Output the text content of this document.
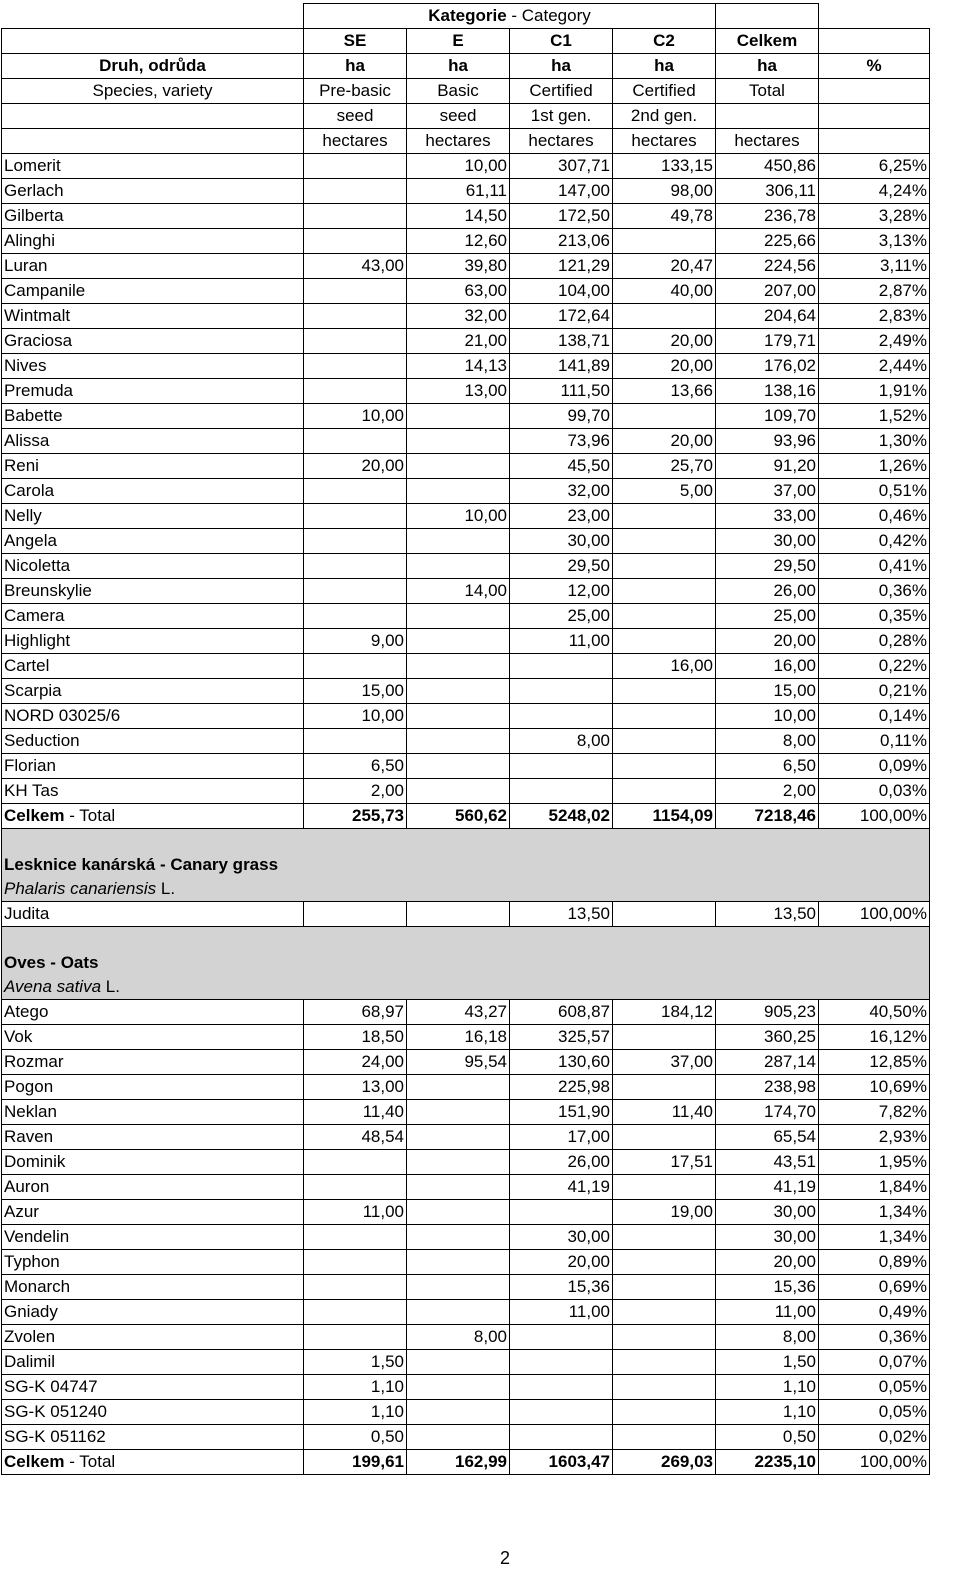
	Kategorie - Category					
	SE	E	C1	C2	Celkem	
Druh, odrůda	ha	ha	ha	ha	ha	%
Species, variety	Pre-basic	Basic	Certified	Certified	Total	
	seed	seed	1st gen.	2nd gen.		
	hectares	hectares	hectares	hectares	hectares	
Lomerit		10,00	307,71	133,15	450,86	6,25%
Gerlach		61,11	147,00	98,00	306,11	4,24%
Gilberta		14,50	172,50	49,78	236,78	3,28%
Alinghi		12,60	213,06		225,66	3,13%
Luran	43,00	39,80	121,29	20,47	224,56	3,11%
Campanile		63,00	104,00	40,00	207,00	2,87%
Wintmalt		32,00	172,64		204,64	2,83%
Graciosa		21,00	138,71	20,00	179,71	2,49%
Nives		14,13	141,89	20,00	176,02	2,44%
Premuda		13,00	111,50	13,66	138,16	1,91%
Babette	10,00		99,70		109,70	1,52%
Alissa			73,96	20,00	93,96	1,30%
Reni	20,00		45,50	25,70	91,20	1,26%
Carola			32,00	5,00	37,00	0,51%
Nelly		10,00	23,00		33,00	0,46%
Angela			30,00		30,00	0,42%
Nicoletta			29,50		29,50	0,41%
Breunskylie		14,00	12,00		26,00	0,36%
Camera			25,00		25,00	0,35%
Highlight	9,00		11,00		20,00	0,28%
Cartel				16,00	16,00	0,22%
Scarpia	15,00				15,00	0,21%
NORD 03025/6	10,00				10,00	0,14%
Seduction			8,00		8,00	0,11%
Florian	6,50				6,50	0,09%
KH Tas	2,00				2,00	0,03%
Celkem - Total	255,73	560,62	5248,02	1154,09	7218,46	100,00%

Lesknice kanárská - Canary grass						
Phalaris canariensis L.						
Judita			13,50		13,50	100,00%

Oves - Oats						
Avena sativa L.						
Atego	68,97	43,27	608,87	184,12	905,23	40,50%
Vok	18,50	16,18	325,57		360,25	16,12%
Rozmar	24,00	95,54	130,60	37,00	287,14	12,85%
Pogon	13,00		225,98		238,98	10,69%
Neklan	11,40		151,90	11,40	174,70	7,82%
Raven	48,54		17,00		65,54	2,93%
Dominik			26,00	17,51	43,51	1,95%
Auron			41,19		41,19	1,84%
Azur	11,00			19,00	30,00	1,34%
Vendelin			30,00		30,00	1,34%
Typhon			20,00		20,00	0,89%
Monarch			15,36		15,36	0,69%
Gniady			11,00		11,00	0,49%
Zvolen		8,00			8,00	0,36%
Dalimil	1,50				1,50	0,07%
SG-K 04747	1,10				1,10	0,05%
SG-K 051240	1,10				1,10	0,05%
SG-K 051162	0,50				0,50	0,02%
Celkem - Total	199,61	162,99	1603,47	269,03	2235,10	100,00%
2
